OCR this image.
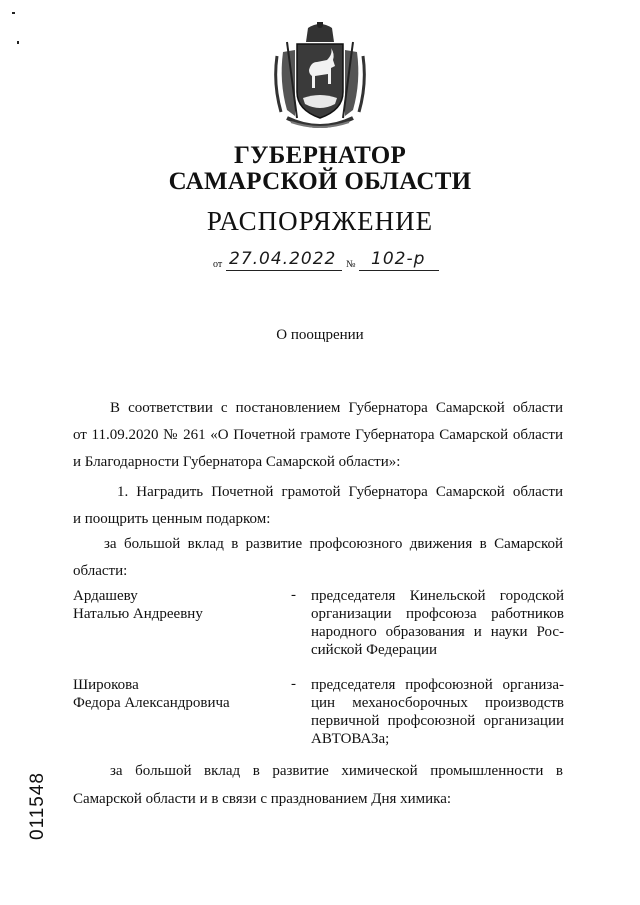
ГУБЕРНАТОР
САМАРСКОЙ ОБЛАСТИ
РАСПОРЯЖЕНИЕ
от 27.04.2022 № 102-р
О поощрении
В соответствии с постановлением Губернатора Самарской области
от 11.09.2020 № 261 «О Почетной грамоте Губернатора Самарской области
и Благодарности Губернатора Самарской области»:
1. Наградить Почетной грамотой Губернатора Самарской области
и поощрить ценным подарком:
за большой вклад в развитие профсоюзного движения в Самарской
области:
Ардашеву
Наталью Андреевну
- председателя Кинельской городской
организации профсоюза работников
народного образования и науки Рос-
сийской Федерации
Широкова
Федора Александровича
- председателя профсоюзной организа-
цин механосборочных производств
первичной профсоюзной организации
АВТОВАЗа;
за большой вклад в развитие химической промышленности в
Самарской области и в связи с празднованием Дня химика:
011548
